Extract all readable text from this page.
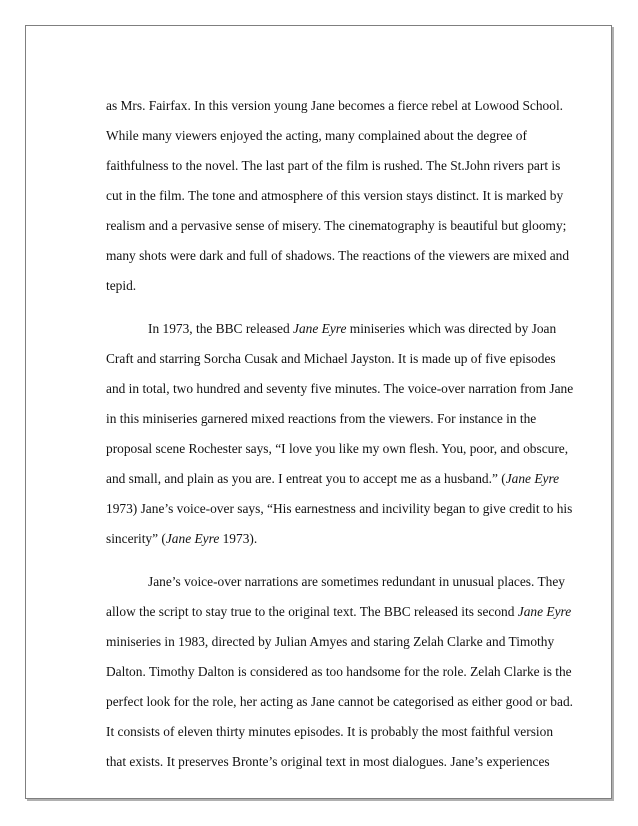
as Mrs. Fairfax. In this version young Jane becomes a fierce rebel at Lowood School.
While many viewers enjoyed the acting, many complained about the degree of
faithfulness to the novel. The last part of the film is rushed. The St.John rivers part is
cut in the film. The tone and atmosphere of this version stays distinct. It is marked by
realism and a pervasive sense of misery. The cinematography is beautiful but gloomy;
many shots were dark and full of shadows. The reactions of the viewers are mixed and
tepid.
In 1973, the BBC released Jane Eyre miniseries which was directed by Joan
Craft and starring Sorcha Cusak and Michael Jayston. It is made up of five episodes
and in total, two hundred and seventy five minutes. The voice-over narration from Jane
in this miniseries garnered mixed reactions from the viewers. For instance in the
proposal scene Rochester says, “I love you like my own flesh. You, poor, and obscure,
and small, and plain as you are. I entreat you to accept me as a husband.” (Jane Eyre
1973) Jane’s voice-over says, “His earnestness and incivility began to give credit to his
sincerity” (Jane Eyre 1973).
Jane’s voice-over narrations are sometimes redundant in unusual places. They
allow the script to stay true to the original text. The BBC released its second Jane Eyre
miniseries in 1983, directed by Julian Amyes and staring Zelah Clarke and Timothy
Dalton. Timothy Dalton is considered as too handsome for the role. Zelah Clarke is the
perfect look for the role, her acting as Jane cannot be categorised as either good or bad.
It consists of eleven thirty minutes episodes. It is probably the most faithful version
that exists. It preserves Bronte’s original text in most dialogues. Jane’s experiences
